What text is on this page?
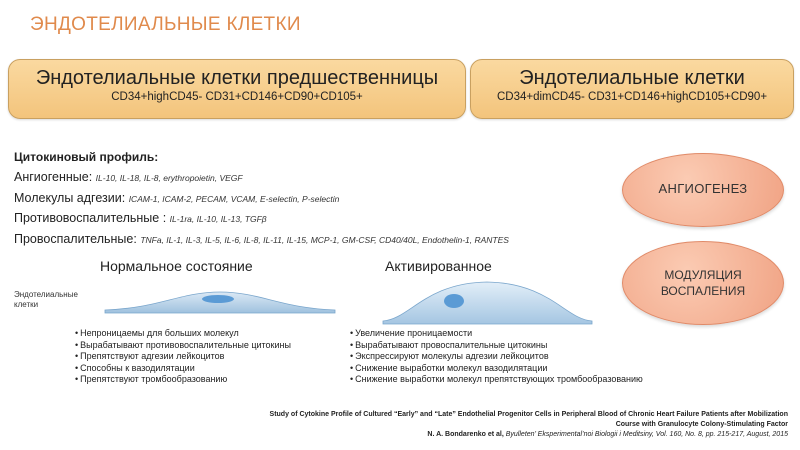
ЭНДОТЕЛИАЛЬНЫЕ КЛЕТКИ
Эндотелиальные клетки предшественницы
CD34+highCD45- CD31+CD146+CD90+CD105+
Эндотелиальные клетки
CD34+dimCD45- CD31+CD146+highCD105+CD90+
Цитокиновый профиль:
Ангиогенные: IL-10, IL-18, IL-8, erythropoietin, VEGF
Молекулы адгезии: ICAM-1, ICAM-2, PECAM, VCAM, E-selectin, P-selectin
Противовоспалительные : IL-1ra, IL-10, IL-13, TGFβ
Провоспалительные: TNFa, IL-1, IL-3, IL-5, IL-6, IL-8, IL-11, IL-15, MCP-1, GM-CSF, CD40/40L, Endothelin-1, RANTES
АНГИОГЕНЕЗ
МОДУЛЯЦИЯ
ВОСПАЛЕНИЯ
Нормальное состояние	Активированное
Эндотелиальные
клетки
• Непроницаемы для больших молекул
• Вырабатывают противовоспалительные цитокины
• Препятствуют адгезии лейкоцитов
• Способны к вазодилятации
• Препятствуют тромбообразованию
• Увеличение проницаемости
• Вырабатывают провоспалительные цитокины
• Экспрессируют молекулы адгезии лейкоцитов
• Снижение выработки молекул вазодилятации
• Снижение выработки молекул препятствующих тромбообразованию
Study of Cytokine Profile of Cultured “Early” and “Late” Endothelial Progenitor Cells in Peripheral Blood of Chronic Heart Failure Patients after Mobilization
Course with Granulocyte Colony-Stimulating Factor
N. A. Bondarenko et al, Byulleten’ Eksperimental’noi Biologii i Meditsiny, Vol. 160, No. 8, pp. 215-217, August, 2015
